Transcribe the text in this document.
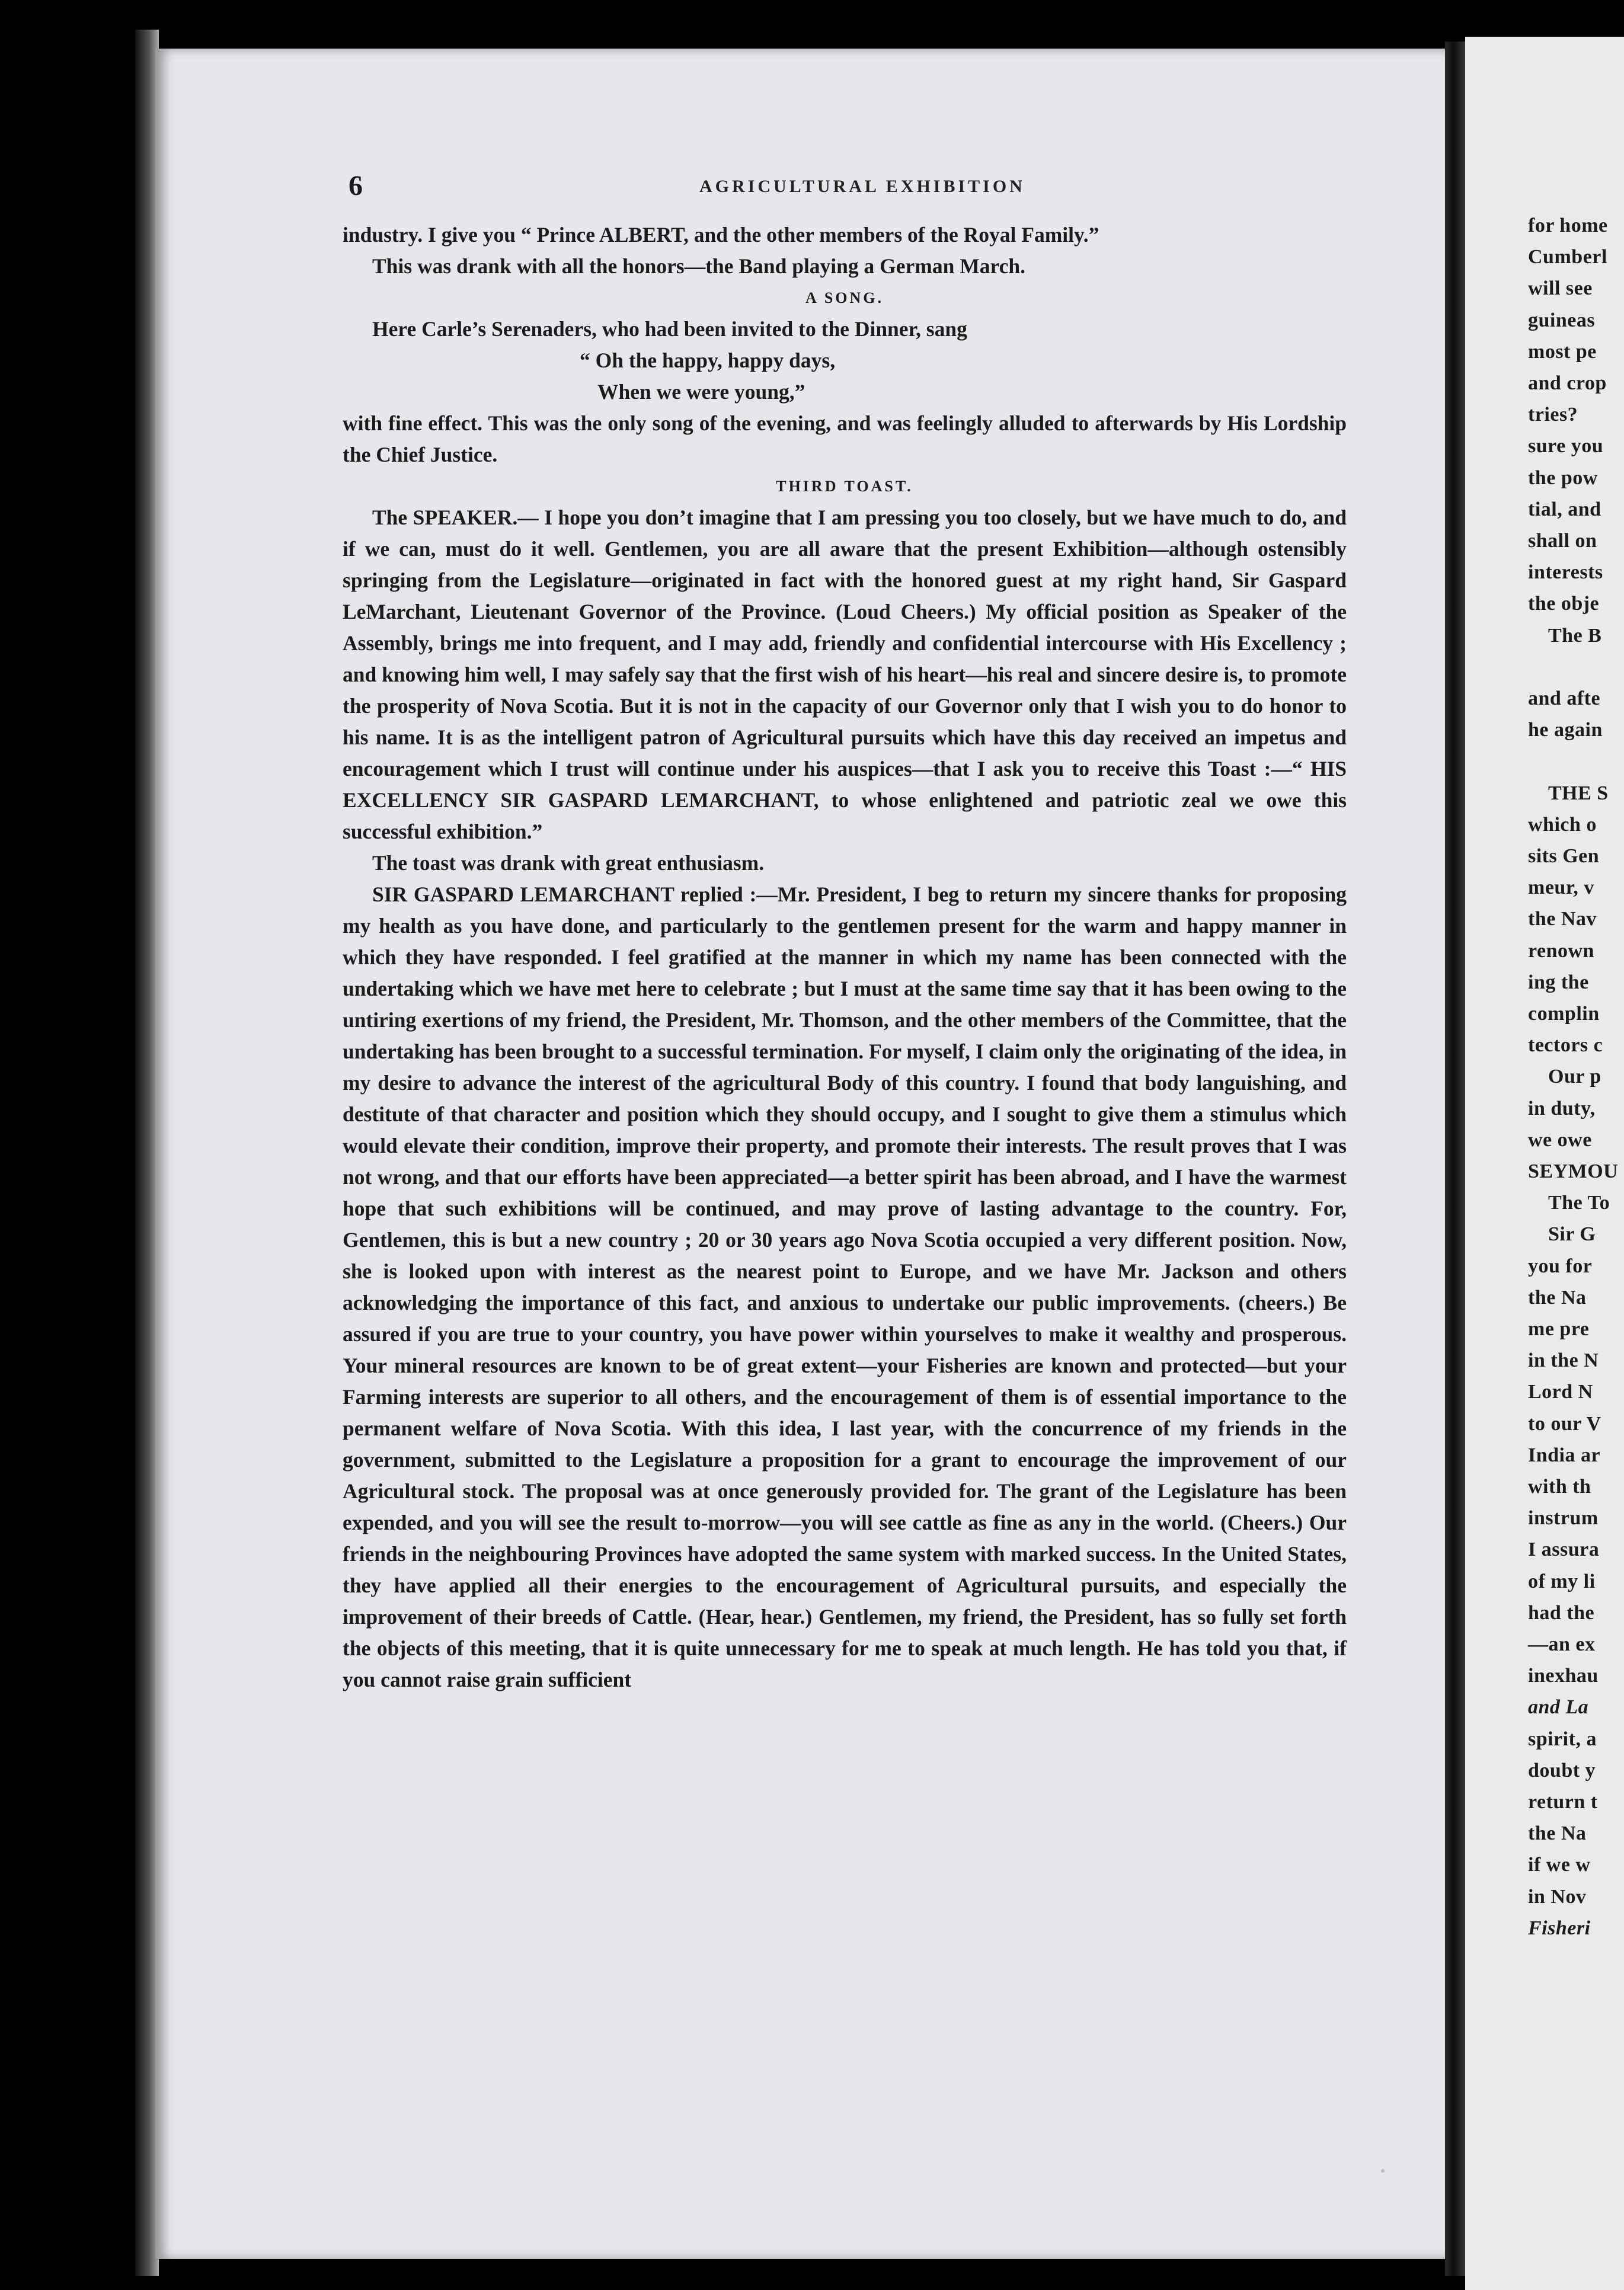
6	AGRICULTURAL EXHIBITION

industry. I give you “ Prince ALBERT, and the other members of the Royal Family.”

This was drank with all the honors—the Band playing a German March.

A SONG.

Here Carle’s Serenaders, who had been invited to the Dinner, sang

“ Oh the happy, happy days,

When we were young,”

with fine effect. This was the only song of the evening, and was feelingly alluded to afterwards by His Lordship the Chief Justice.

THIRD TOAST.

The SPEAKER.— I hope you don’t imagine that I am pressing you too closely, but we have much to do, and if we can, must do it well. Gentlemen, you are all aware that the present Exhibition—although ostensibly springing from the Legislature—originated in fact with the honored guest at my right hand, Sir Gaspard LeMarchant, Lieutenant Governor of the Province. (Loud Cheers.) My official position as Speaker of the Assembly, brings me into frequent, and I may add, friendly and confidential intercourse with His Excellency ; and knowing him well, I may safely say that the first wish of his heart—his real and sincere desire is, to promote the prosperity of Nova Scotia. But it is not in the capacity of our Governor only that I wish you to do honor to his name. It is as the intelligent patron of Agricultural pursuits which have this day received an impetus and encouragement which I trust will continue under his auspices—that I ask you to receive this Toast :—“ HIS EXCELLENCY SIR GASPARD LEMARCHANT, to whose enlightened and patriotic zeal we owe this successful exhibition.”

The toast was drank with great enthusiasm.

SIR GASPARD LEMARCHANT replied :—Mr. President, I beg to return my sincere thanks for proposing my health as you have done, and particularly to the gentlemen present for the warm and happy manner in which they have responded. I feel gratified at the manner in which my name has been connected with the undertaking which we have met here to celebrate ; but I must at the same time say that it has been owing to the untiring exertions of my friend, the President, Mr. Thomson, and the other members of the Committee, that the undertaking has been brought to a successful termination. For myself, I claim only the originating of the idea, in my desire to advance the interest of the agricultural Body of this country. I found that body languishing, and destitute of that character and position which they should occupy, and I sought to give them a stimulus which would elevate their condition, improve their property, and promote their interests. The result proves that I was not wrong, and that our efforts have been appreciated—a better spirit has been abroad, and I have the warmest hope that such exhibitions will be continued, and may prove of lasting advantage to the country. For, Gentlemen, this is but a new country ; 20 or 30 years ago Nova Scotia occupied a very different position. Now, she is looked upon with interest as the nearest point to Europe, and we have Mr. Jackson and others acknowledging the importance of this fact, and anxious to undertake our public improvements. (cheers.) Be assured if you are true to your country, you have power within yourselves to make it wealthy and prosperous. Your mineral resources are known to be of great extent—your Fisheries are known and protected—but your Farming interests are superior to all others, and the encouragement of them is of essential importance to the permanent welfare of Nova Scotia. With this idea, I last year, with the concurrence of my friends in the government, submitted to the Legislature a proposition for a grant to encourage the improvement of our Agricultural stock. The proposal was at once generously provided for. The grant of the Legislature has been expended, and you will see the result to-morrow—you will see cattle as fine as any in the world. (Cheers.) Our friends in the neighbouring Provinces have adopted the same system with marked success. In the United States, they have applied all their energies to the encouragement of Agricultural pursuits, and especially the improvement of their breeds of Cattle. (Hear, hear.) Gentlemen, my friend, the President, has so fully set forth the objects of this meeting, that it is quite unnecessary for me to speak at much length. He has told you that, if you cannot raise grain sufficient

for home
Cumberl
will see
guineas
most pe
and crop
tries?
sure you
the pow
tial, and
shall on
interests
the obje
The B
and afte
he again
THE S
which o
sits Gen
meur, v
the Nav
renown
ing the
complin
tectors c
Our p
in duty,
we owe
SEYMOU
The To
Sir G
you for
the Na
me pre
in the N
Lord N
to our V
India ar
with th
instrum
I assura
of my li
had the
—an ex
inexhau
and La
spirit, a
doubt y
return t
the Na
if we w
in Nov
Fisheri
